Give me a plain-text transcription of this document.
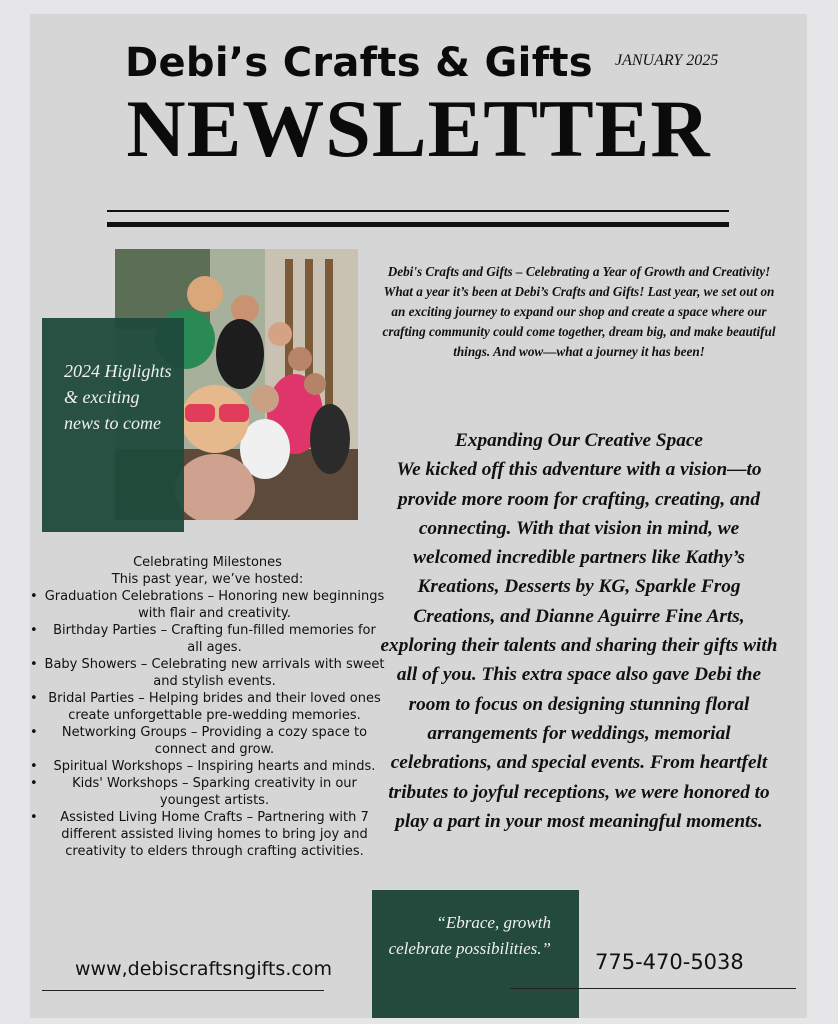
Debi’s Crafts & Gifts JANUARY 2025
NEWSLETTER

2024 Higlights & exciting news to come

Celebrating Milestones
This past year, we’ve hosted:
• Graduation Celebrations – Honoring new beginnings with flair and creativity.
• Birthday Parties – Crafting fun-filled memories for all ages.
• Baby Showers – Celebrating new arrivals with sweet and stylish events.
• Bridal Parties – Helping brides and their loved ones create unforgettable pre-wedding memories.
• Networking Groups – Providing a cozy space to connect and grow.
• Spiritual Workshops – Inspiring hearts and minds.
• Kids' Workshops – Sparking creativity in our youngest artists.
• Assisted Living Home Crafts – Partnering with 7 different assisted living homes to bring joy and creativity to elders through crafting activities.

Debi's Crafts and Gifts – Celebrating a Year of Growth and Creativity!

What a year it’s been at Debi’s Crafts and Gifts! Last year, we set out on an exciting journey to expand our shop and create a space where our crafting community could come together, dream big, and make beautiful things. And wow—what a journey it has been!

Expanding Our Creative Space

We kicked off this adventure with a vision—to provide more room for crafting, creating, and connecting. With that vision in mind, we welcomed incredible partners like Kathy’s Kreations, Desserts by KG, Sparkle Frog Creations, and Dianne Aguirre Fine Arts, exploring their talents and sharing their gifts with all of you. This extra space also gave Debi the room to focus on designing stunning floral arrangements for weddings, memorial celebrations, and special events. From heartfelt tributes to joyful receptions, we were honored to play a part in your most meaningful moments.

www,debiscraftsngifts.com

“Ebrace, growth celebrate possibilities.”

775-470-5038
